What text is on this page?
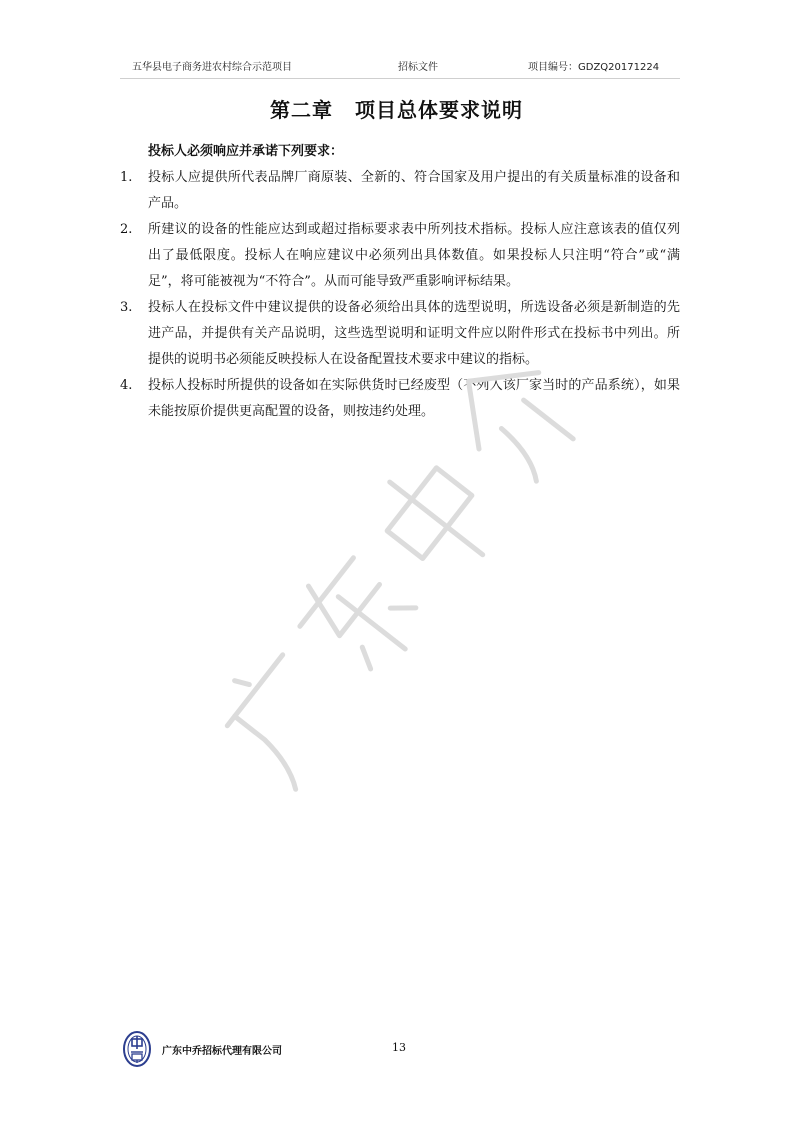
五华县电子商务进农村综合示范项目	招标文件	项目编号：GDZQ20171224
第二章 项目总体要求说明
投标人必须响应并承诺下列要求：
1. 投标人应提供所代表品牌厂商原装、全新的、符合国家及用户提出的有关质量标准的设备和产品。
2. 所建议的设备的性能应达到或超过指标要求表中所列技术指标。投标人应注意该表的值仅列出了最低限度。投标人在响应建议中必须列出具体数值。如果投标人只注明“符合”或“满足”，将可能被视为“不符合”。从而可能导致严重影响评标结果。
3. 投标人在投标文件中建议提供的设备必须给出具体的选型说明，所选设备必须是新制造的先进产品，并提供有关产品说明，这些选型说明和证明文件应以附件形式在投标书中列出。所提供的说明书必须能反映投标人在设备配置技术要求中建议的指标。
4. 投标人投标时所提供的设备如在实际供货时已经废型（不列入该厂家当时的产品系统），如果未能按原价提供更高配置的设备，则按违约处理。
广东中乔招标代理有限公司	13
